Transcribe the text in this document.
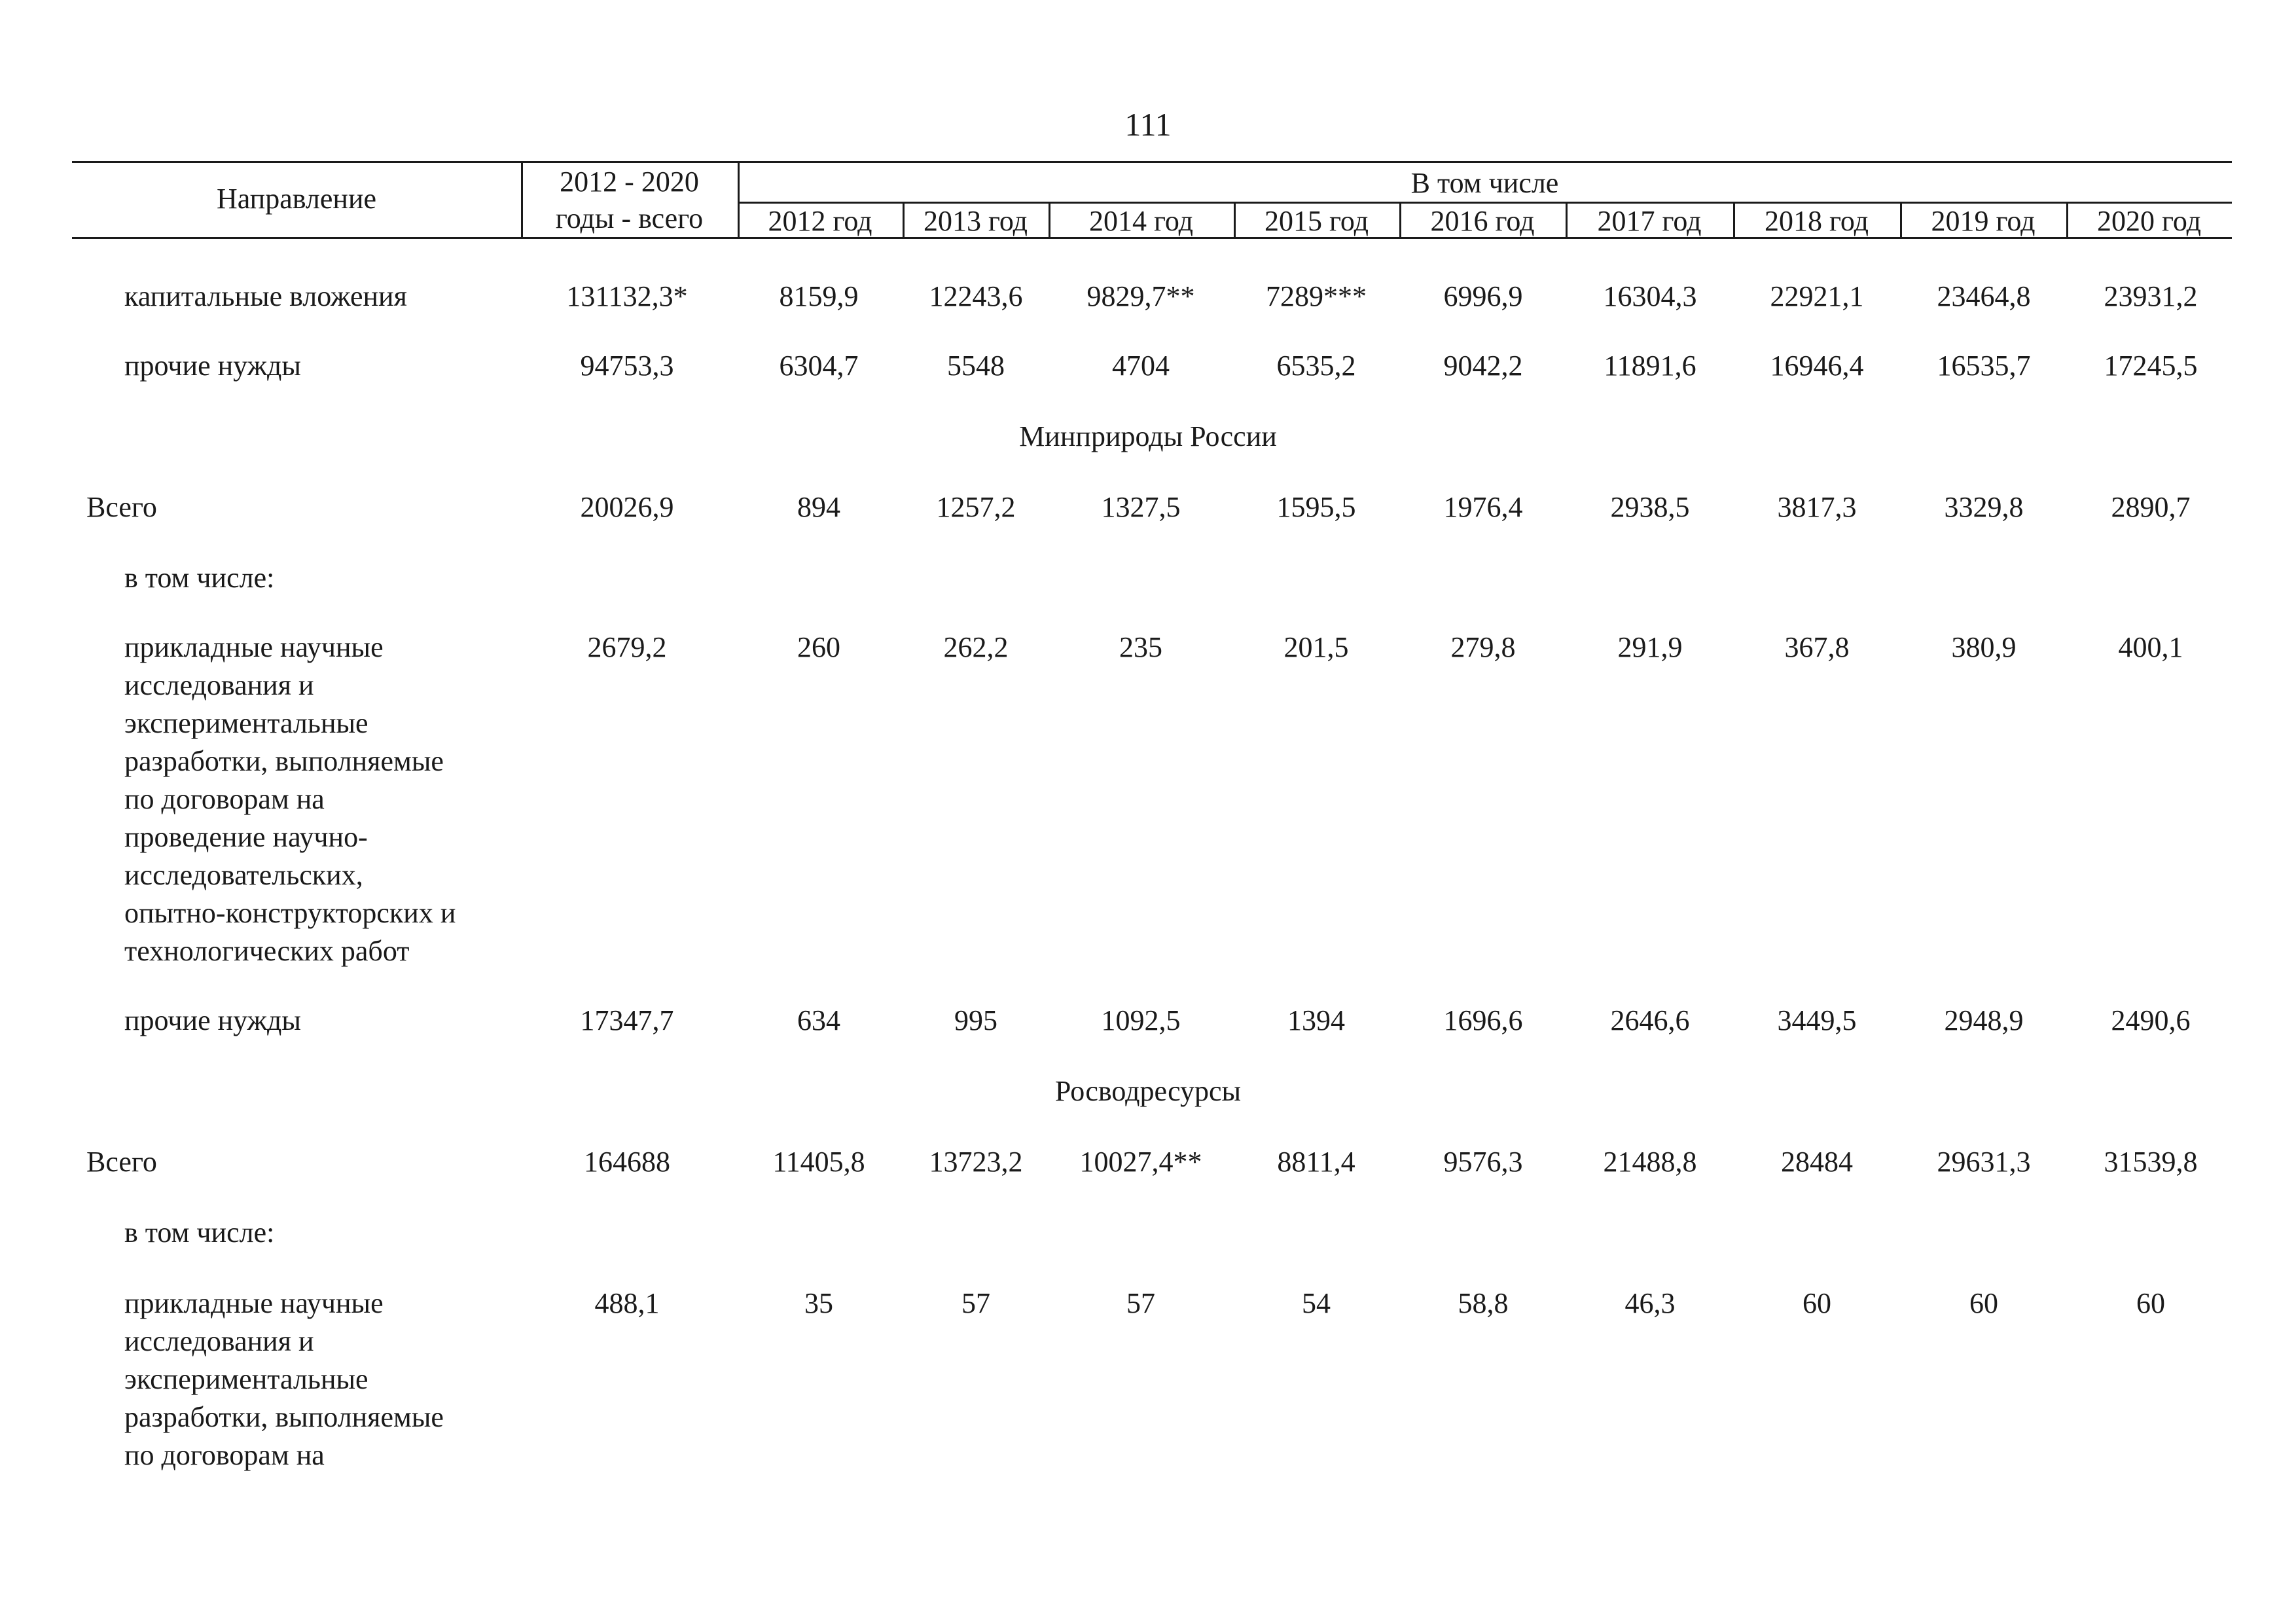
111
Направление
2012 - 2020
годы - всего
В том числе
2012 год	2013 год	2014 год	2015 год	2016 год	2017 год	2018 год	2019 год	2020 год
капитальные вложения	131132,3*	8159,9	12243,6	9829,7**	7289***	6996,9	16304,3	22921,1	23464,8	23931,2
прочие нужды	94753,3	6304,7	5548	4704	6535,2	9042,2	11891,6	16946,4	16535,7	17245,5
Минприроды России
Всего	20026,9	894	1257,2	1327,5	1595,5	1976,4	2938,5	3817,3	3329,8	2890,7
в том числе:
прикладные научные
исследования и
экспериментальные
разработки, выполняемые
по договорам на
проведение научно-
исследовательских,
опытно-конструкторских и
технологических работ
2679,2	260	262,2	235	201,5	279,8	291,9	367,8	380,9	400,1
прочие нужды	17347,7	634	995	1092,5	1394	1696,6	2646,6	3449,5	2948,9	2490,6
Росводресурсы
Всего	164688	11405,8	13723,2	10027,4**	8811,4	9576,3	21488,8	28484	29631,3	31539,8
в том числе:
прикладные научные
исследования и
экспериментальные
разработки, выполняемые
по договорам на
488,1	35	57	57	54	58,8	46,3	60	60	60
